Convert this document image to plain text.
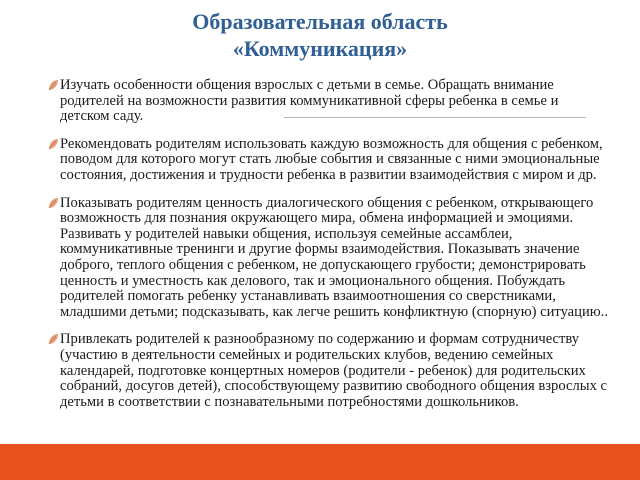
Образовательная область
«Коммуникация»
Изучать особенности общения взрослых с детьми в семье. Обращать внимание родителей на возможности развития коммуникативной сферы ребенка в семье и детском саду.
Рекомендовать родителям использовать каждую возможность для общения с ребенком, поводом для которого могут стать любые события и связанные с ними эмоциональные состояния, достижения и трудности ребенка в развитии взаимодействия с миром и др.
Показывать родителям ценность диалогического общения с ребенком, открывающего возможность для познания окружающего мира, обмена информацией и эмоциями. Развивать у родителей навыки общения, используя семейные ассамблеи, коммуникативные тренинги и другие формы взаимодействия. Показывать значение доброго, теплого общения с ребенком, не допускающего грубости; демонстрировать ценность и уместность как делового, так и эмоционального общения. Побуждать родителей помогать ребенку устанавливать взаимоотношения со сверстниками, младшими детьми; подсказывать, как легче решить конфликтную (спорную) ситуацию..
Привлекать родителей к разнообразному по содержанию и формам сотрудничеству (участию в деятельности семейных и родительских клубов, ведению семейных календарей, подготовке концертных номеров (родители - ребенок) для родительских собраний, досугов детей), способствующему развитию свободного общения взрослых с детьми в соответствии с познавательными потребностями дошкольников.
